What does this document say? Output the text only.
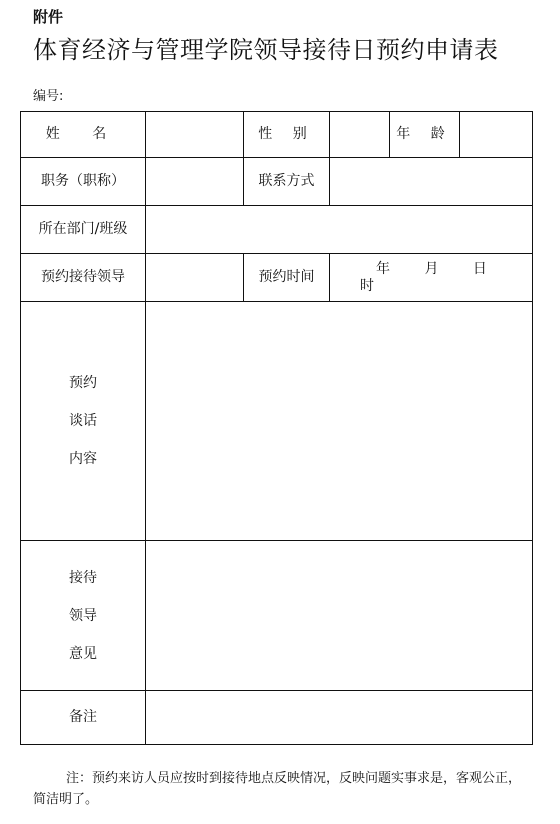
附件
体育经济与管理学院领导接待日预约申请表
编号:
姓 名		性 别		年 龄	
职务（职称）		联系方式			
所在部门/班级					
预约接待领导		预约时间	年 月 日 时		

预约
谈话
内容					

接待
领导
意见					

备注					
注：预约来访人员应按时到接待地点反映情况，反映问题实事求是，客观公正，简洁明了。
